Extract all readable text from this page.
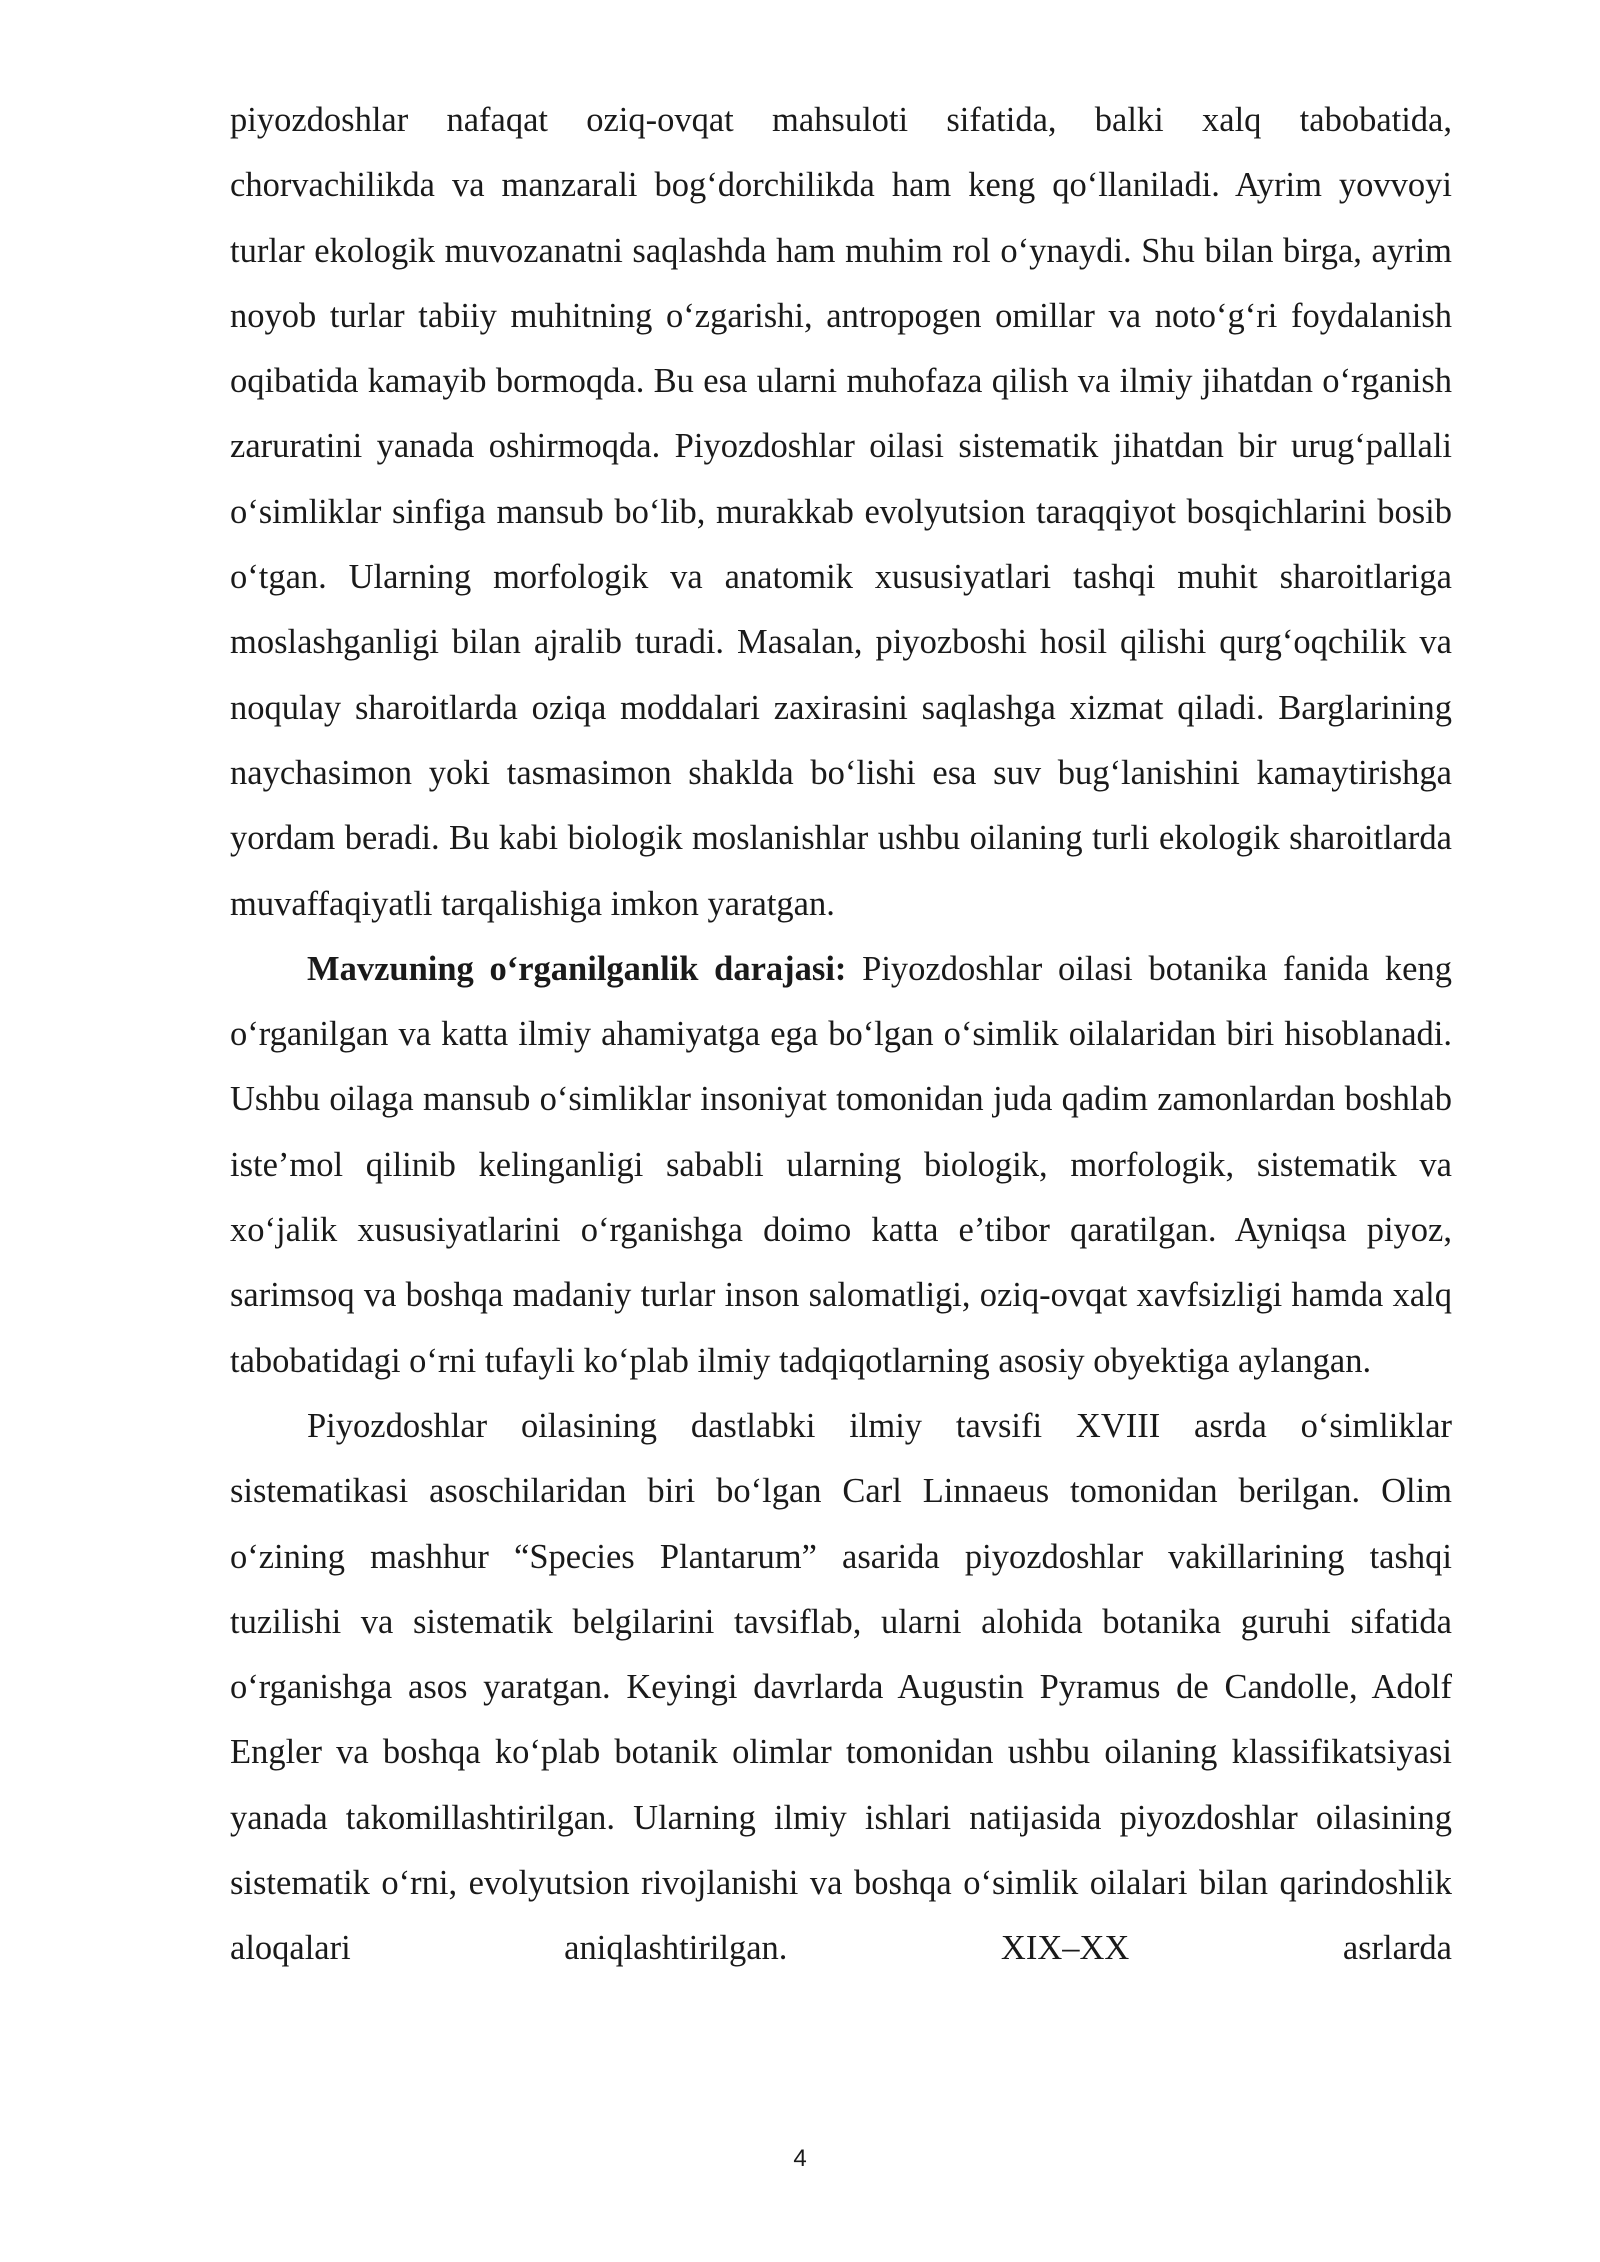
piyozdoshlar nafaqat oziq-ovqat mahsuloti sifatida, balki xalq tabobatida, chorvachilikda va manzarali bog‘dorchilikda ham keng qo‘llaniladi. Ayrim yovvoyi turlar ekologik muvozanatni saqlashda ham muhim rol o‘ynaydi. Shu bilan birga, ayrim noyob turlar tabiiy muhitning o‘zgarishi, antropogen omillar va noto‘g‘ri foydalanish oqibatida kamayib bormoqda. Bu esa ularni muhofaza qilish va ilmiy jihatdan o‘rganish zaruratini yanada oshirmoqda. Piyozdoshlar oilasi sistematik jihatdan bir urug‘pallali o‘simliklar sinfiga mansub bo‘lib, murakkab evolyutsion taraqqiyot bosqichlarini bosib o‘tgan. Ularning morfologik va anatomik xususiyatlari tashqi muhit sharoitlariga moslashganligi bilan ajralib turadi. Masalan, piyozboshi hosil qilishi qurg‘oqchilik va noqulay sharoitlarda oziqa moddalari zaxirasini saqlashga xizmat qiladi. Barglarining naychasimon yoki tasmasimon shaklda bo‘lishi esa suv bug‘lanishini kamaytirishga yordam beradi. Bu kabi biologik moslanishlar ushbu oilaning turli ekologik sharoitlarda muvaffaqiyatli tarqalishiga imkon yaratgan.

Mavzuning o‘rganilganlik darajasi: Piyozdoshlar oilasi botanika fanida keng o‘rganilgan va katta ilmiy ahamiyatga ega bo‘lgan o‘simlik oilalaridan biri hisoblanadi. Ushbu oilaga mansub o‘simliklar insoniyat tomonidan juda qadim zamonlardan boshlab iste’mol qilinib kelinganligi sababli ularning biologik, morfologik, sistematik va xo‘jalik xususiyatlarini o‘rganishga doimo katta e’tibor qaratilgan. Ayniqsa piyoz, sarimsoq va boshqa madaniy turlar inson salomatligi, oziq-ovqat xavfsizligi hamda xalq tabobatidagi o‘rni tufayli ko‘plab ilmiy tadqiqotlarning asosiy obyektiga aylangan.

Piyozdoshlar oilasining dastlabki ilmiy tavsifi XVIII asrda o‘simliklar sistematikasi asoschilaridan biri bo‘lgan Carl Linnaeus tomonidan berilgan. Olim o‘zining mashhur “Species Plantarum” asarida piyozdoshlar vakillarining tashqi tuzilishi va sistematik belgilarini tavsiflab, ularni alohida botanika guruhi sifatida o‘rganishga asos yaratgan. Keyingi davrlarda Augustin Pyramus de Candolle, Adolf Engler va boshqa ko‘plab botanik olimlar tomonidan ushbu oilaning klassifikatsiyasi yanada takomillashtirilgan. Ularning ilmiy ishlari natijasida piyozdoshlar oilasining sistematik o‘rni, evolyutsion rivojlanishi va boshqa o‘simlik oilalari bilan qarindoshlik aloqalari aniqlashtirilgan. XIX–XX asrlarda

4
